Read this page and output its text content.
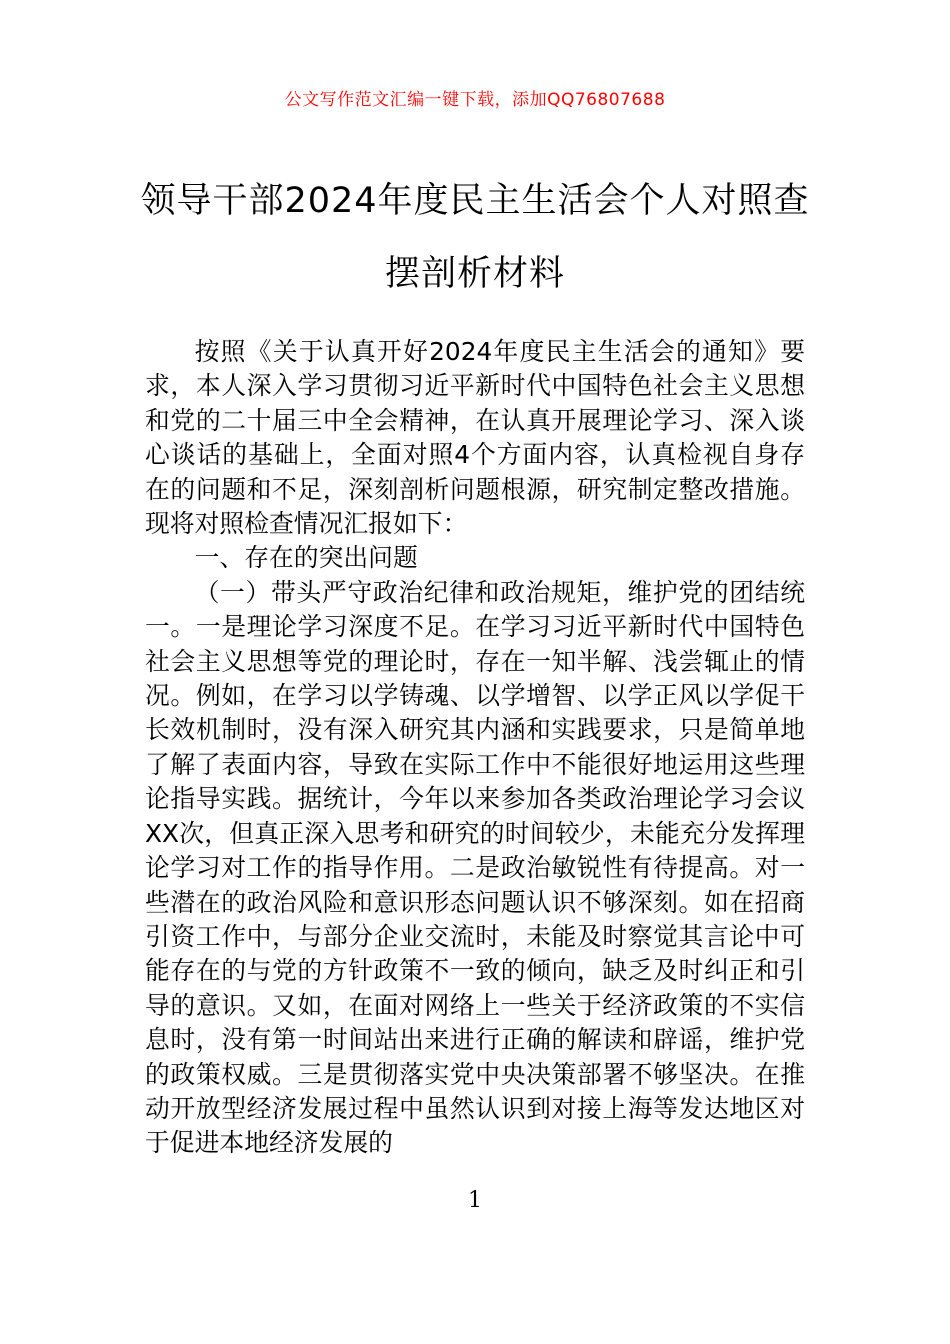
公文写作范文汇编一键下载，添加QQ76807688
领导干部2024年度民主生活会个人对照查
摆剖析材料

按照《关于认真开好2024年度民主生活会的通知》要求，本人深入学习贯彻习近平新时代中国特色社会主义思想和党的二十届三中全会精神，在认真开展理论学习、深入谈心谈话的基础上，全面对照4个方面内容，认真检视自身存在的问题和不足，深刻剖析问题根源，研究制定整改措施。现将对照检查情况汇报如下：

一、存在的突出问题

（一）带头严守政治纪律和政治规矩，维护党的团结统一。一是理论学习深度不足。在学习习近平新时代中国特色社会主义思想等党的理论时，存在一知半解、浅尝辄止的情况。例如，在学习以学铸魂、以学增智、以学正风以学促干长效机制时，没有深入研究其内涵和实践要求，只是简单地了解了表面内容，导致在实际工作中不能很好地运用这些理论指导实践。据统计，今年以来参加各类政治理论学习会议XX次，但真正深入思考和研究的时间较少，未能充分发挥理论学习对工作的指导作用。二是政治敏锐性有待提高。对一些潜在的政治风险和意识形态问题认识不够深刻。如在招商引资工作中，与部分企业交流时，未能及时察觉其言论中可能存在的与党的方针政策不一致的倾向，缺乏及时纠正和引导的意识。又如，在面对网络上一些关于经济政策的不实信息时，没有第一时间站出来进行正确的解读和辟谣，维护党的政策权威。三是贯彻落实党中央决策部署不够坚决。在推动开放型经济发展过程中虽然认识到对接上海等发达地区对于促进本地经济发展的

1
